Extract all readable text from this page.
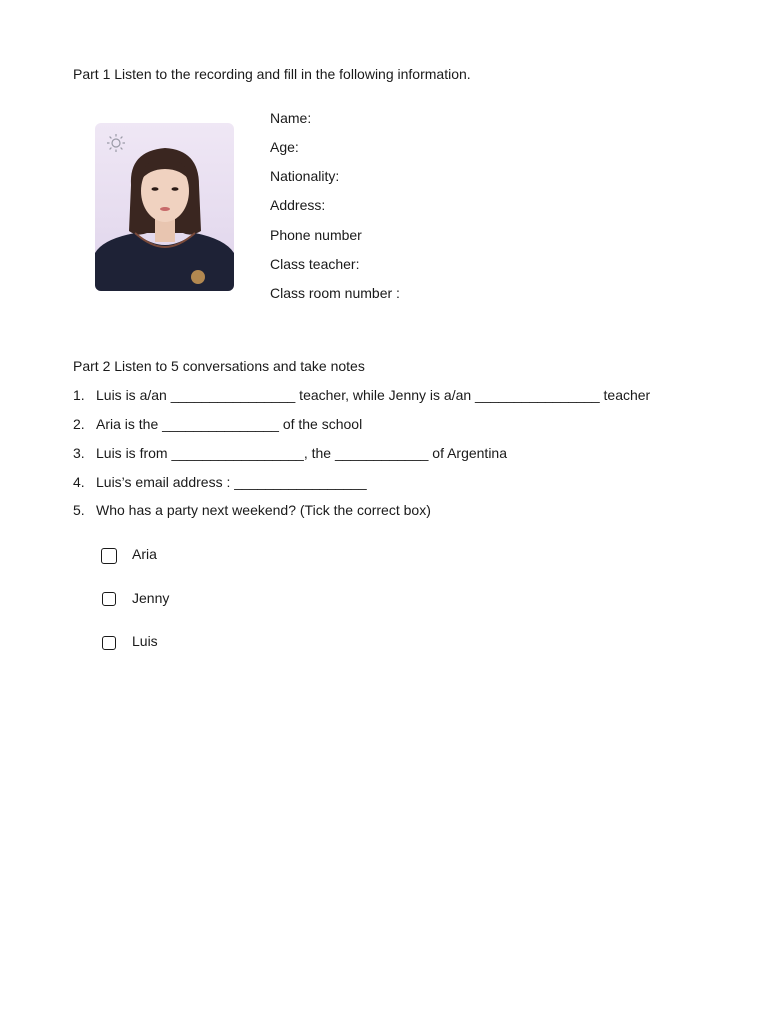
Part 1 Listen to the recording and fill in the following information.
Name:
Age:
Nationality:
Address:
Phone number
Class teacher:
Class room number :
Part 2 Listen to 5 conversations and take notes
1. Luis is a/an ________________ teacher, while Jenny is a/an ________________ teacher
2. Aria is the _______________ of the school
3. Luis is from _________________, the ____________ of Argentina
4. Luis’s email address : _________________
5. Who has a party next weekend? (Tick the correct box)
Aria
Jenny
Luis
